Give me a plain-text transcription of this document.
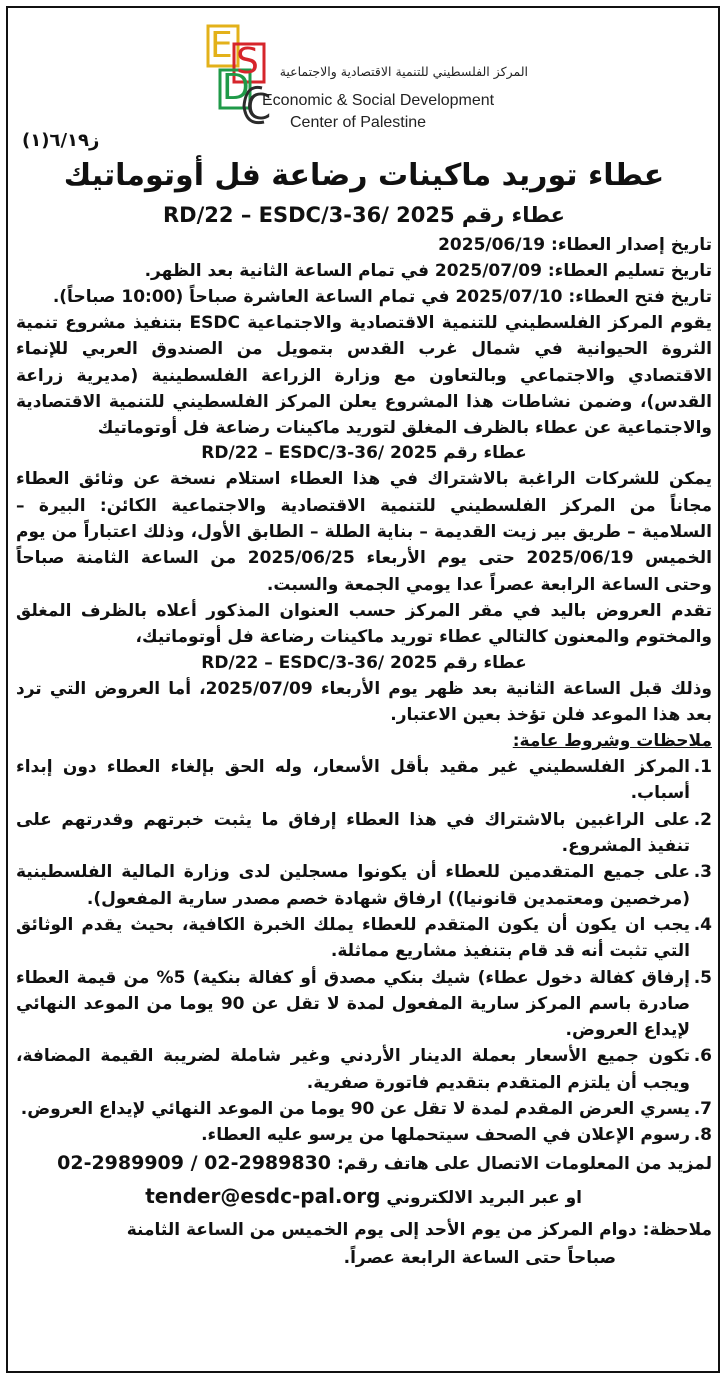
E S
D
C
المركز الفلسطيني للتنمية الاقتصادية والاجتماعية
Economic & Social Development
Center of Palestine
ز٦/١٩(١)
عطاء توريد ماكينات رضاعة فل أوتوماتيك

عطاء رقم 2025 /36-RD/22 – ESDC/3

تاريخ إصدار العطاء: 2025/06/19

تاريخ تسليم العطاء: 2025/07/09 في تمام الساعة الثانية بعد الظهر.

تاريخ فتح العطاء: 2025/07/10 في تمام الساعة العاشرة صباحاً (10:00 صباحاً).

يقوم المركز الفلسطيني للتنمية الاقتصادية والاجتماعية ESDC بتنفيذ مشروع تنمية الثروة الحيوانية في شمال غرب القدس بتمويل من الصندوق العربي للإنماء الاقتصادي والاجتماعي وبالتعاون مع وزارة الزراعة الفلسطينية (مديرية زراعة القدس)، وضمن نشاطات هذا المشروع يعلن المركز الفلسطيني للتنمية الاقتصادية والاجتماعية عن عطاء بالظرف المغلق لتوريد ماكينات رضاعة فل أوتوماتيك

عطاء رقم 2025 /36-RD/22 – ESDC/3

يمكن للشركات الراغبة بالاشتراك في هذا العطاء استلام نسخة عن وثائق العطاء مجاناً من المركز الفلسطيني للتنمية الاقتصادية والاجتماعية الكائن: البيرة – السلامية – طريق بير زيت القديمة – بناية الطلة – الطابق الأول، وذلك اعتباراً من يوم الخميس 2025/06/19 حتى يوم الأربعاء 2025/06/25 من الساعة الثامنة صباحاً وحتى الساعة الرابعة عصراً عدا يومي الجمعة والسبت.

تقدم العروض باليد في مقر المركز حسب العنوان المذكور أعلاه بالظرف المغلق والمختوم والمعنون كالتالي عطاء توريد ماكينات رضاعة فل أوتوماتيك،

عطاء رقم 2025 /36-RD/22 – ESDC/3

وذلك قبل الساعة الثانية بعد ظهر يوم الأربعاء 2025/07/09، أما العروض التي ترد بعد هذا الموعد فلن تؤخذ بعين الاعتبار.

ملاحظات وشروط عامة:

1.
المركز الفلسطيني غير مقيد بأقل الأسعار، وله الحق بإلغاء العطاء دون إبداء أسباب.
2.
على الراغبين بالاشتراك في هذا العطاء إرفاق ما يثبت خبرتهم وقدرتهم على تنفيذ المشروع.
3.
على جميع المتقدمين للعطاء أن يكونوا مسجلين لدى وزارة المالية الفلسطينية (مرخصين ومعتمدين قانونيا)) ارفاق شهادة خصم مصدر سارية المفعول).
4.
يجب ان يكون أن يكون المتقدم للعطاء يملك الخبرة الكافية، بحيث يقدم الوثائق التي تثبت أنه قد قام بتنفيذ مشاريع مماثلة.
5.
إرفاق كفالة دخول عطاء) شيك بنكي مصدق أو كفالة بنكية) 5% من قيمة العطاء صادرة باسم المركز سارية المفعول لمدة لا تقل عن 90 يوما من الموعد النهائي لإيداع العروض.
6.
تكون جميع الأسعار بعملة الدينار الأردني وغير شاملة لضريبة القيمة المضافة، ويجب أن يلتزم المتقدم بتقديم فاتورة صفرية.
7.
يسري العرض المقدم لمدة لا تقل عن 90 يوما من الموعد النهائي لإيداع العروض.
8.
رسوم الإعلان في الصحف سيتحملها من يرسو عليه العطاء.

لمزيد من المعلومات الاتصال على هاتف رقم: 02-2989909 / 02-2989830

او عبر البريد الالكتروني tender@esdc-pal.org

ملاحظة: دوام المركز من يوم الأحد إلى يوم الخميس من الساعة الثامنة

صباحاً حتى الساعة الرابعة عصراً.
